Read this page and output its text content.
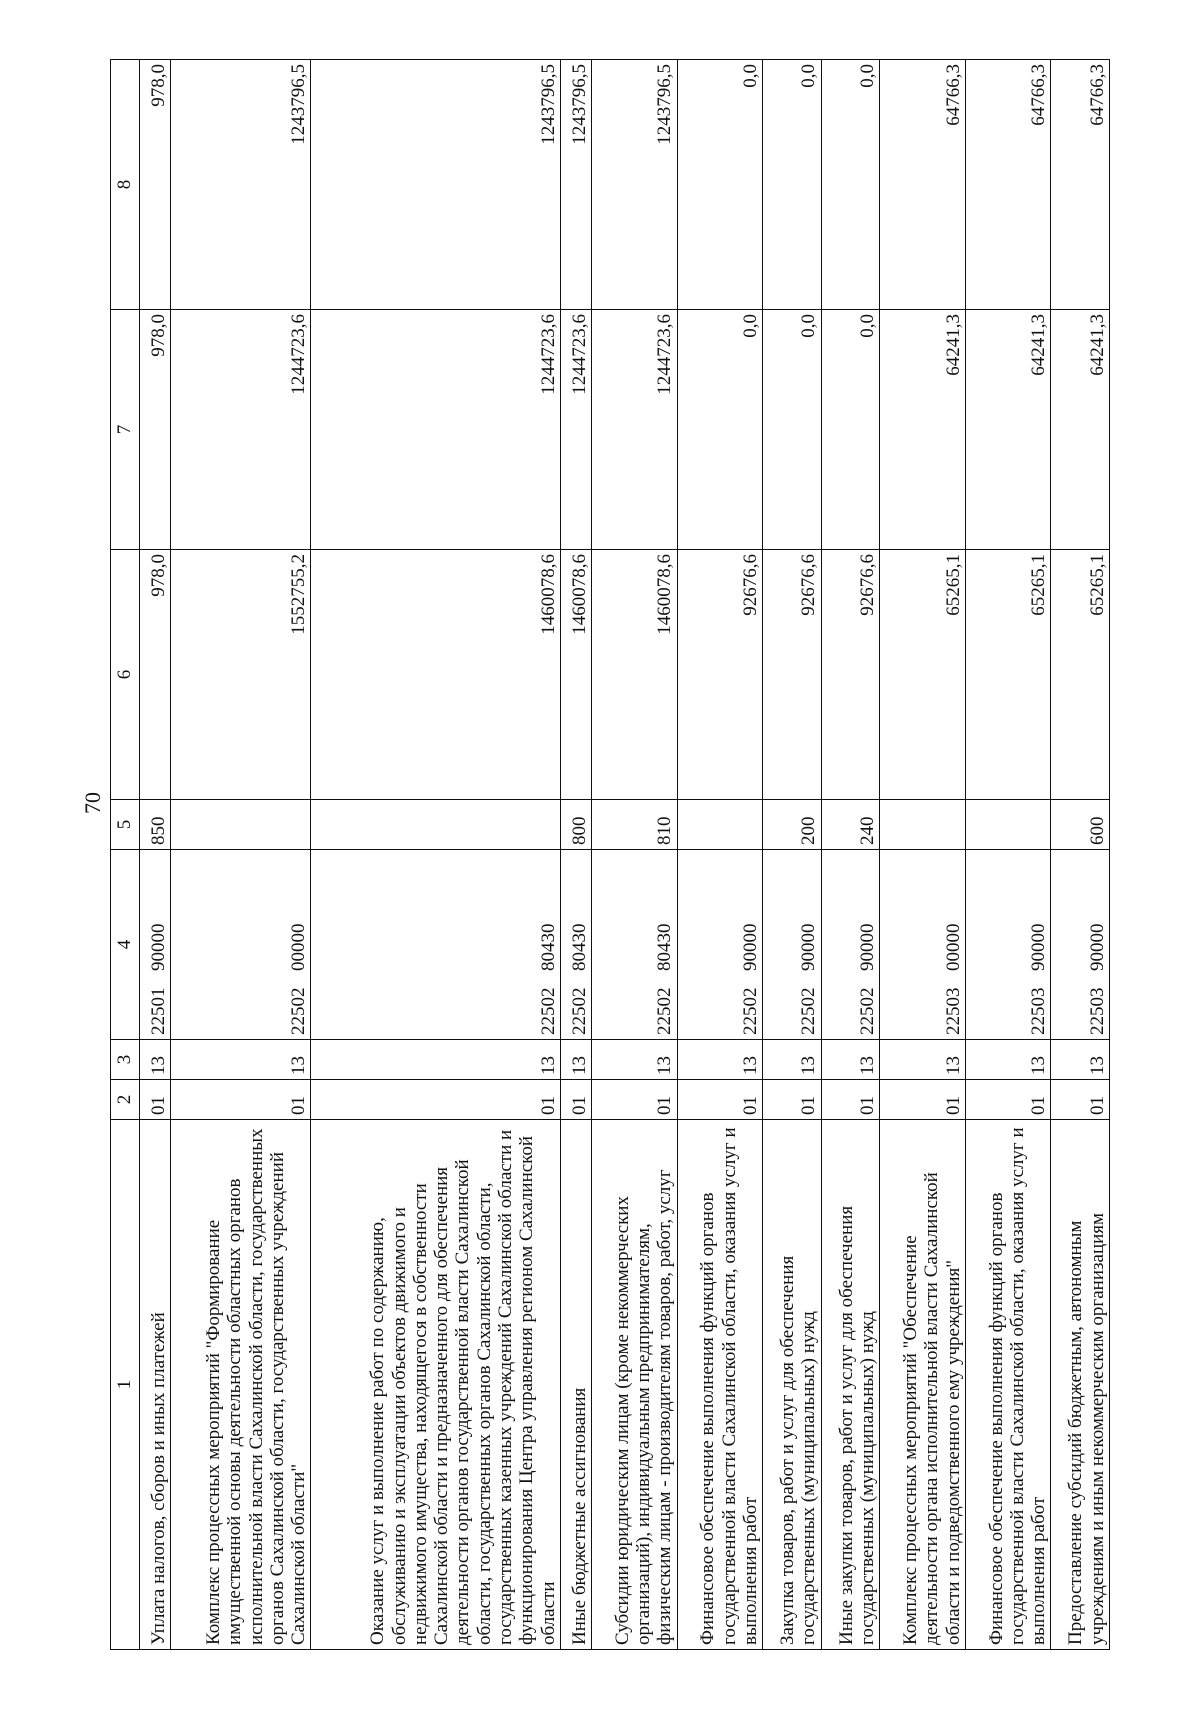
70
1	2	3	4	5	6	7	8
Уплата налогов, сборов и иных платежей	01	13	2250190000	850	978,0	978,0	978,0
Комплекс процессных мероприятий "Формирование имущественной основы деятельности областных органов исполнительной власти Сахалинской области, государственных органов Сахалинской области, государственных учреждений Сахалинской области"	01	13	2250200000		1552755,2	1244723,6	1243796,5
Оказание услуг и выполнение работ по содержанию, обслуживанию и эксплуатации объектов движимого и недвижимого имущества, находящегося в собственности Сахалинской области и предназначенного для обеспечения деятельности органов государственной власти Сахалинской области, государственных органов Сахалинской области, государственных казенных учреждений Сахалинской области и функционирования Центра управления регионом Сахалинской области	01	13	2250280430		1460078,6	1244723,6	1243796,5
Иные бюджетные ассигнования	01	13	2250280430	800	1460078,6	1244723,6	1243796,5
Субсидии юридическим лицам (кроме некоммерческих организаций), индивидуальным предпринимателям, физическим лицам - производителям товаров, работ, услуг	01	13	2250280430	810	1460078,6	1244723,6	1243796,5
Финансовое обеспечение выполнения функций органов государственной власти Сахалинской области, оказания услуг и выполнения работ	01	13	2250290000		92676,6	0,0	0,0
Закупка товаров, работ и услуг для обеспечения государственных (муниципальных) нужд	01	13	2250290000	200	92676,6	0,0	0,0
Иные закупки товаров, работ и услуг для обеспечения государственных (муниципальных) нужд	01	13	2250290000	240	92676,6	0,0	0,0
Комплекс процессных мероприятий "Обеспечение деятельности органа исполнительной власти Сахалинской области и подведомственного ему учреждения"	01	13	2250300000		65265,1	64241,3	64766,3
Финансовое обеспечение выполнения функций органов государственной власти Сахалинской области, оказания услуг и выполнения работ	01	13	2250390000		65265,1	64241,3	64766,3
Предоставление субсидий бюджетным, автономным учреждениям и иным некоммерческим организациям	01	13	2250390000	600	65265,1	64241,3	64766,3
